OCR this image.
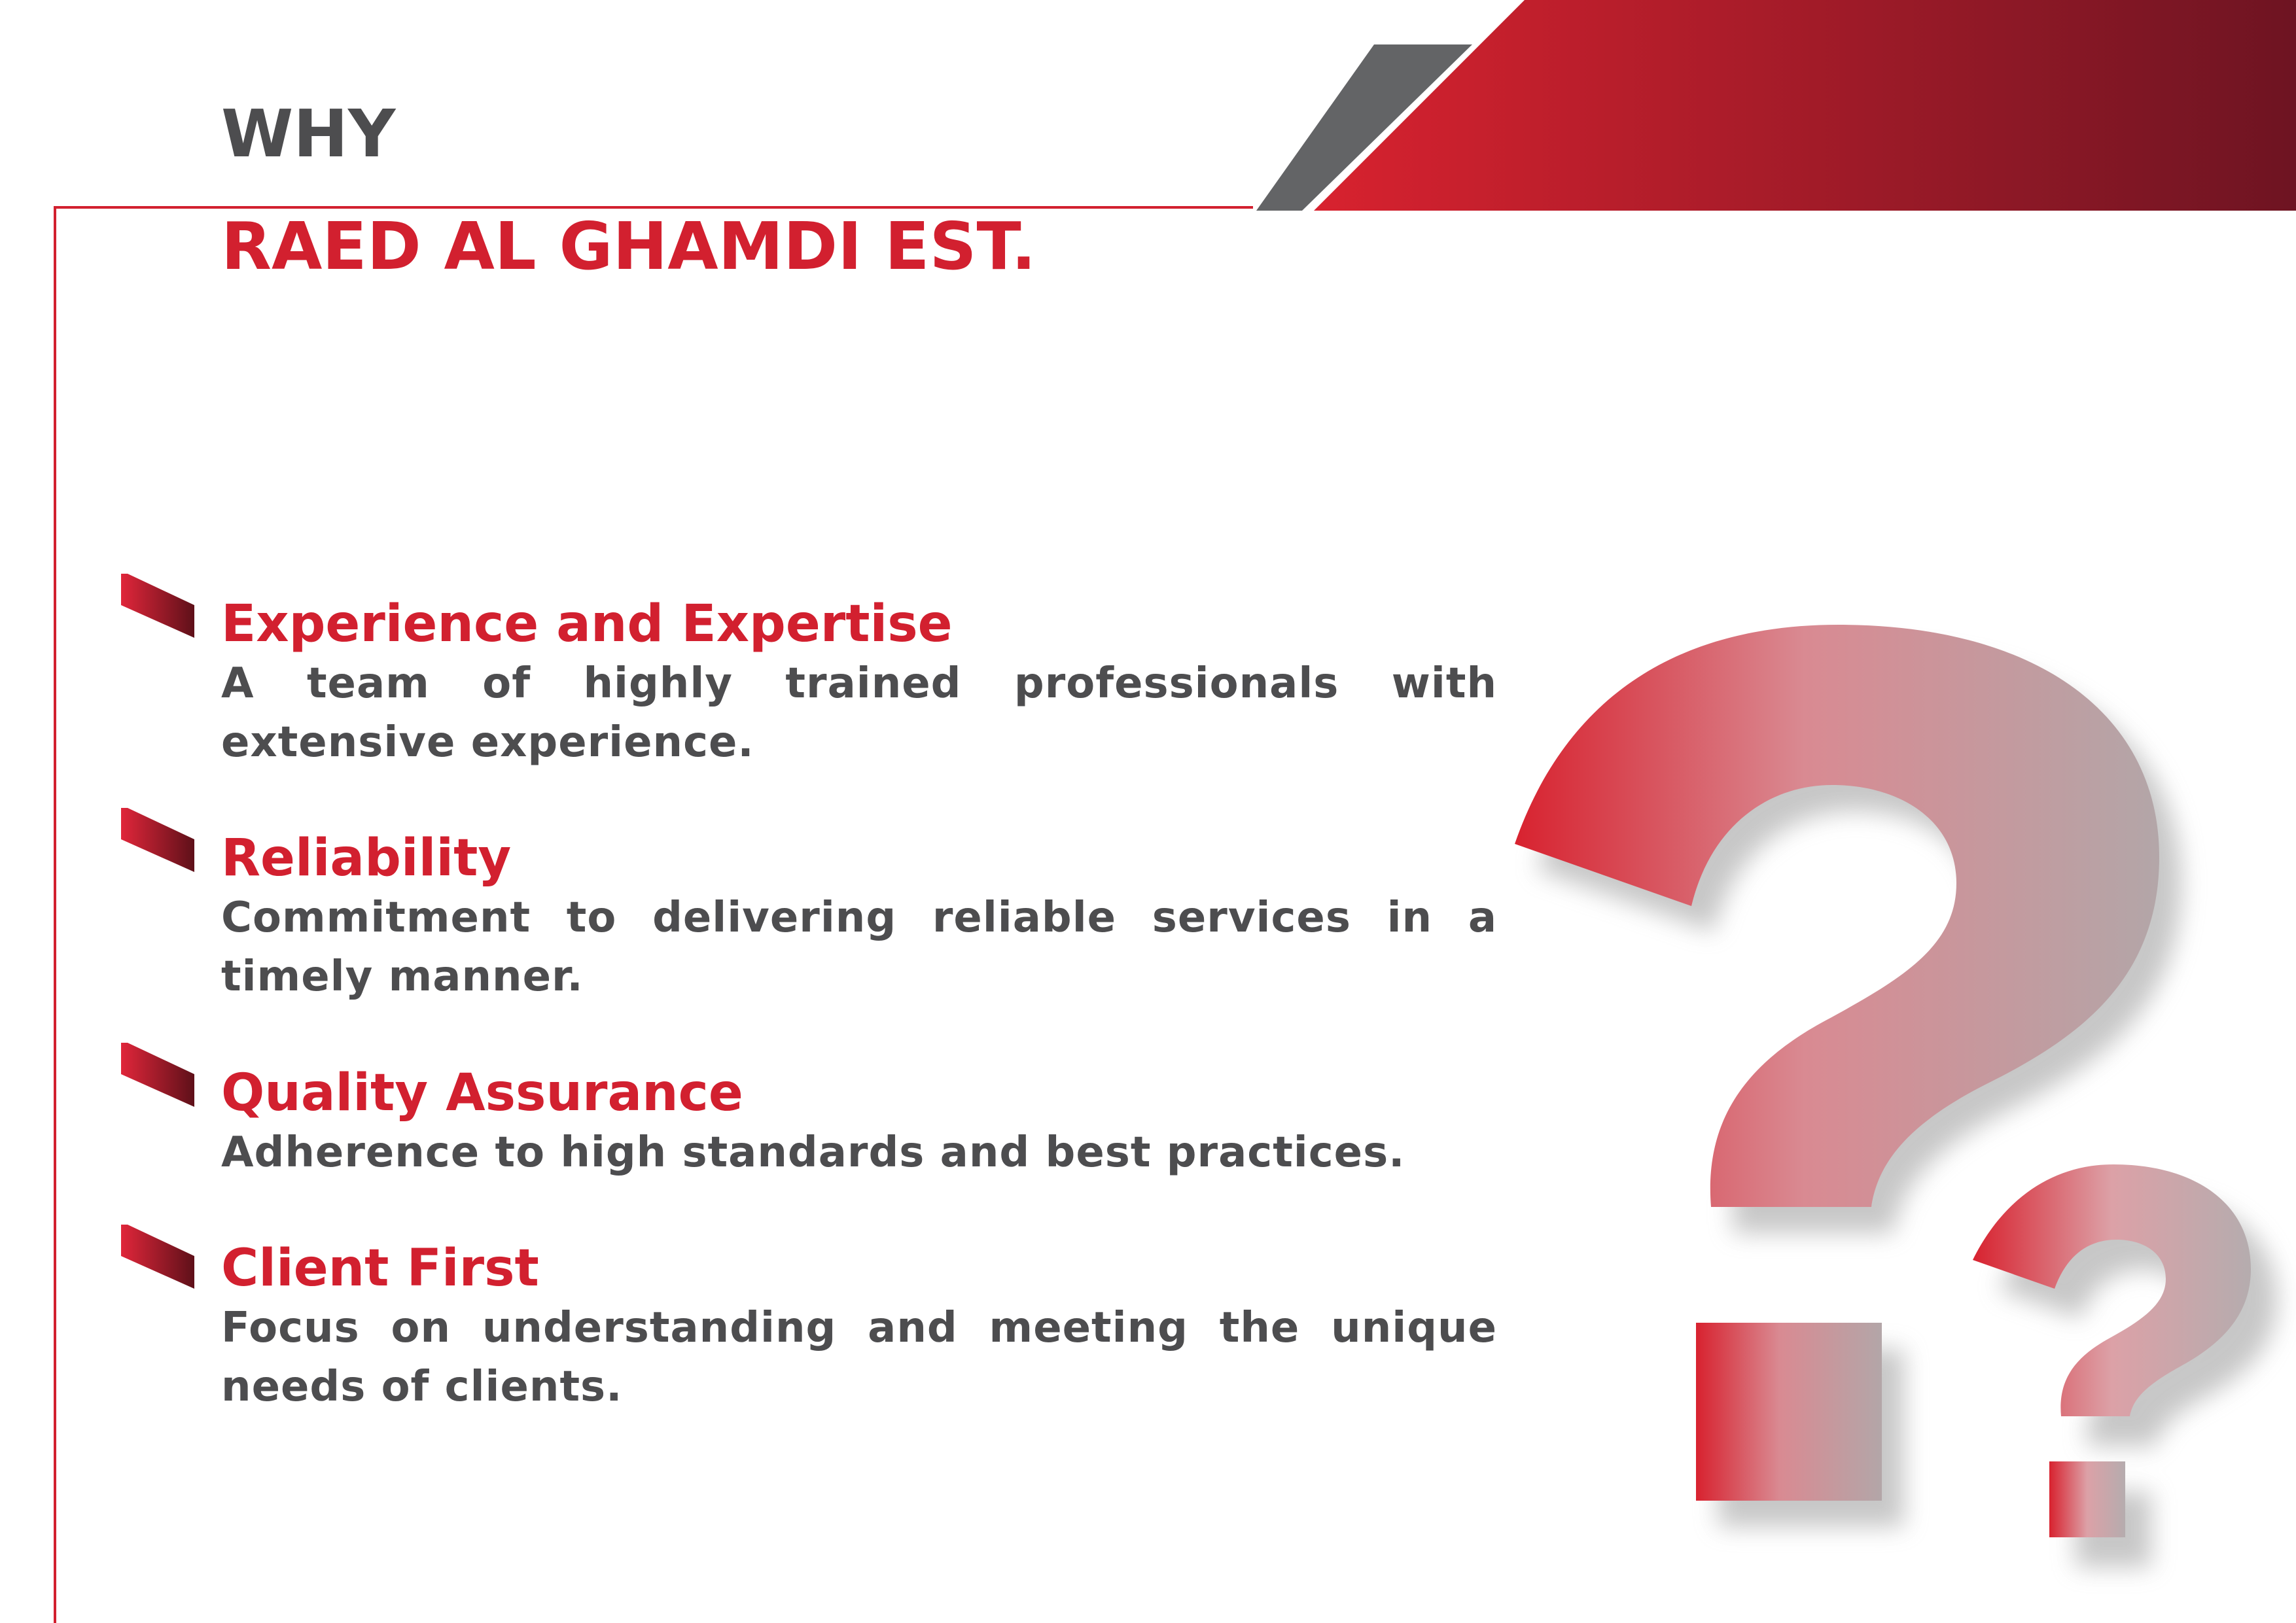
WHY
RAED AL GHAMDI EST.
Experience and Expertise

A team of highly trained professionals with extensive experience.

Reliability

Commitment to delivering reliable services in a timely manner.

Quality Assurance

Adherence to high standards and best practices.

Client First

Focus on understanding and meeting the unique needs of clients.
